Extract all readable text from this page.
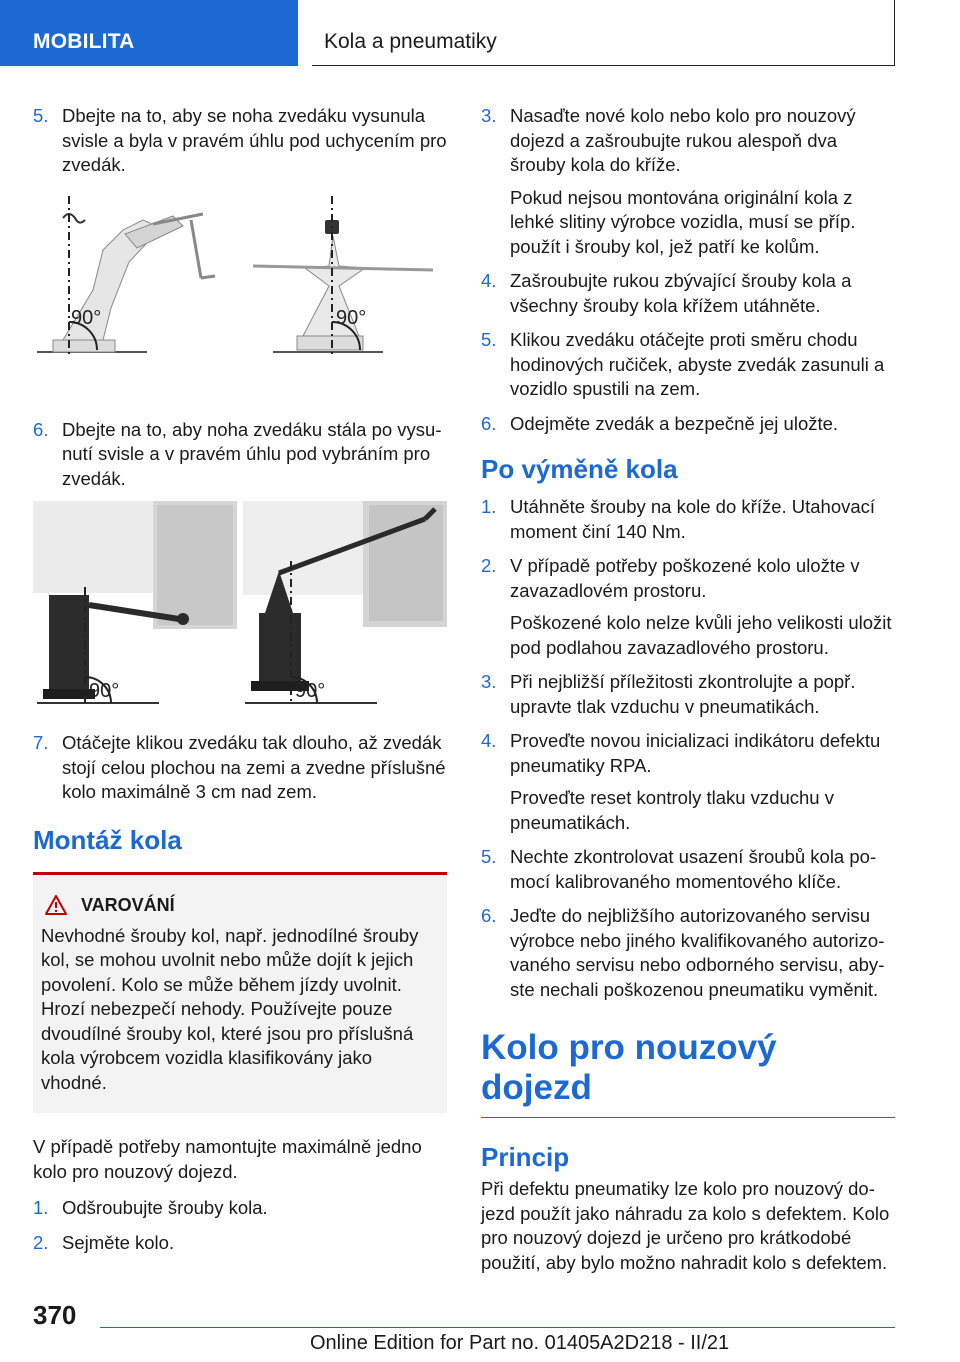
MOBILITA	Kola a pneumatiky
5. Dbejte na to, aby se noha zvedáku vysunula svisle a byla v pravém úhlu pod uchycením pro zvedák.
90°	90°
6. Dbejte na to, aby noha zvedáku stála po vysunutí svisle a v pravém úhlu pod vybráním pro zvedák.
90°	90°
7. Otáčejte klikou zvedáku tak dlouho, až zvedák stojí celou plochou na zemi a zvedne příslušné kolo maximálně 3 cm nad zem.
Montáž kola
VAROVÁNÍ
Nevhodné šrouby kol, např. jednodílné šrouby kol, se mohou uvolnit nebo může dojít k jejich povolení. Kolo se může během jízdy uvolnit. Hrozí nebezpečí nehody. Používejte pouze dvoudílné šrouby kol, které jsou pro příslušná kola výrobcem vozidla klasifikovány jako vhodné.
V případě potřeby namontujte maximálně jedno kolo pro nouzový dojezd.
1. Odšroubujte šrouby kola.
2. Sejměte kolo.
3. Nasaďte nové kolo nebo kolo pro nouzový dojezd a zašroubujte rukou alespoň dva šrouby kola do kříže.
Pokud nejsou montována originální kola z lehké slitiny výrobce vozidla, musí se příp. použít i šrouby kol, jež patří ke kolům.
4. Zašroubujte rukou zbývající šrouby kola a všechny šrouby kola křížem utáhněte.
5. Klikou zvedáku otáčejte proti směru chodu hodinových ručiček, abyste zvedák zasunuli a vozidlo spustili na zem.
6. Odejměte zvedák a bezpečně jej uložte.
Po výměně kola
1. Utáhněte šrouby na kole do kříže. Utahovací moment činí 140 Nm.
2. V případě potřeby poškozené kolo uložte v zavazadlovém prostoru.
Poškozené kolo nelze kvůli jeho velikosti uložit pod podlahou zavazadlového prostoru.
3. Při nejbližší příležitosti zkontrolujte a popř. upravte tlak vzduchu v pneumatikách.
4. Proveďte novou inicializaci indikátoru defektu pneumatiky RPA.
Proveďte reset kontroly tlaku vzduchu v pneumatikách.
5. Nechte zkontrolovat usazení šroubů kola pomocí kalibrovaného momentového klíče.
6. Jeďte do nejbližšího autorizovaného servisu výrobce nebo jiného kvalifikovaného autorizovaného servisu nebo odborného servisu, abyste nechali poškozenou pneumatiku vyměnit.
Kolo pro nouzový dojezd
Princip
Při defektu pneumatiky lze kolo pro nouzový dojezd použít jako náhradu za kolo s defektem. Kolo pro nouzový dojezd je určeno pro krátkodobé použití, aby bylo možno nahradit kolo s defektem.
370
Online Edition for Part no. 01405A2D218 - II/21
